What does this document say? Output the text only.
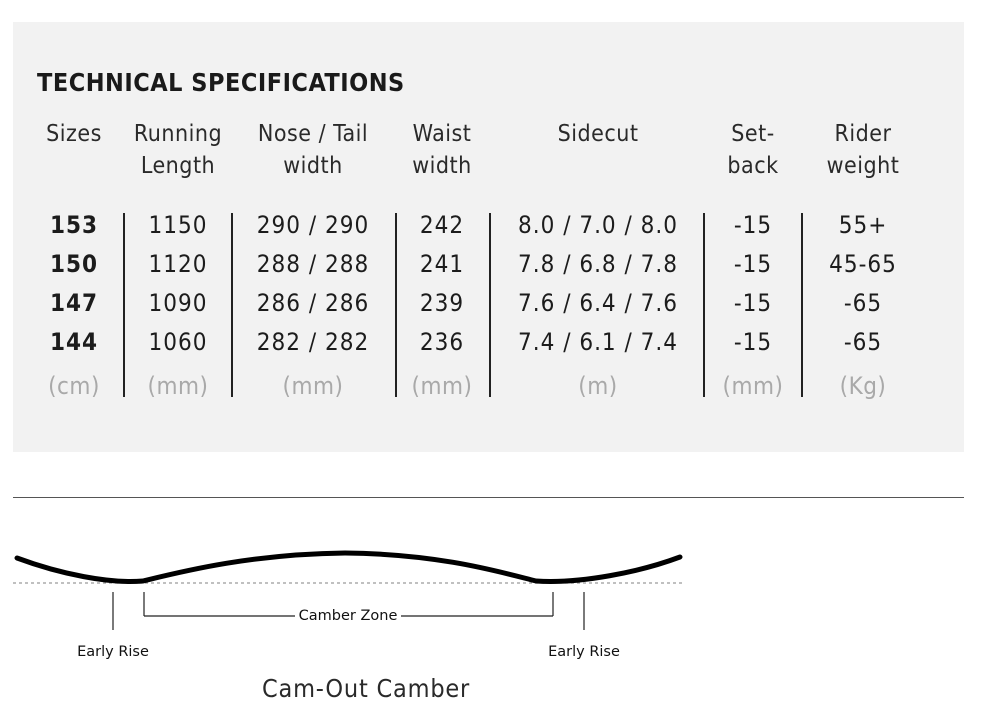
TECHNICAL SPECIFICATIONS
Sizes
153
150
147
144
(cm)
Running
Length
1150
1120
1090
1060
(mm)
Nose / Tail
width
290 / 290
288 / 288
286 / 286
282 / 282
(mm)
Waist
width
242
241
239
236
(mm)
Sidecut
8.0 / 7.0 / 8.0
7.8 / 6.8 / 7.8
7.6 / 6.4 / 7.6
7.4 / 6.1 / 7.4
(m)
Set-
back
-15
-15
-15
-15
(mm)
Rider
weight
55+
45-65
-65
-65
(Kg)
Camber Zone
Early Rise	Early Rise
Cam-Out Camber
